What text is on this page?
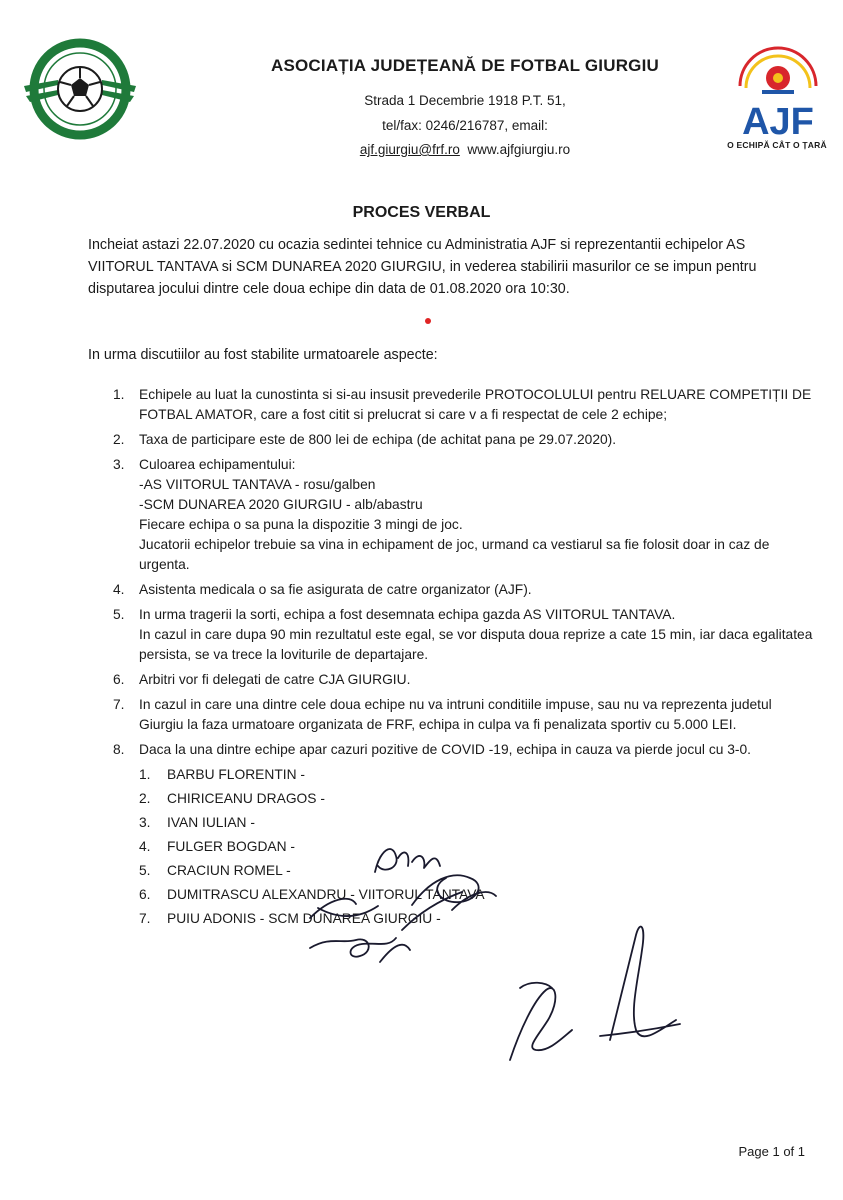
AJF
O ECHIPĂ CÂT O ȚARĂ
ASOCIAȚIA JUDEȚEANĂ DE FOTBAL GIURGIU
Strada 1 Decembrie 1918 P.T. 51,
tel/fax: 0246/216787, email:
ajf.giurgiu@frf.ro www.ajfgiurgiu.ro
PROCES VERBAL
Incheiat astazi 22.07.2020 cu ocazia sedintei tehnice cu Administratia AJF si reprezentantii echipelor AS VIITORUL TANTAVA si SCM DUNAREA 2020 GIURGIU, in vederea stabilirii masurilor ce se impun pentru disputarea jocului dintre cele doua echipe din data de 01.08.2020 ora 10:30.
In urma discutiilor au fost stabilite urmatoarele aspecte:
1. Echipele au luat la cunostinta si si-au insusit prevederile PROTOCOLULUI pentru RELUARE COMPETIȚII DE FOTBAL AMATOR, care a fost citit si prelucrat si care v a fi respectat de cele 2 echipe;
2. Taxa de participare este de 800 lei de echipa (de achitat pana pe 29.07.2020).
3. Culoarea echipamentului:
-AS VIITORUL TANTAVA - rosu/galben
-SCM DUNAREA 2020 GIURGIU - alb/abastru
Fiecare echipa o sa puna la dispozitie 3 mingi de joc.
Jucatorii echipelor trebuie sa vina in echipament de joc, urmand ca vestiarul sa fie folosit doar in caz de urgenta.
4. Asistenta medicala o sa fie asigurata de catre organizator (AJF).
5. In urma tragerii la sorti, echipa a fost desemnata echipa gazda AS VIITORUL TANTAVA.
In cazul in care dupa 90 min rezultatul este egal, se vor disputa doua reprize a cate 15 min, iar daca egalitatea persista, se va trece la loviturile de departajare.
6. Arbitri vor fi delegati de catre CJA GIURGIU.
7. In cazul in care una dintre cele doua echipe nu va intruni conditiile impuse, sau nu va reprezenta judetul Giurgiu la faza urmatoare organizata de FRF, echipa in culpa va fi penalizata sportiv cu 5.000 LEI.
8. Daca la una dintre echipe apar cazuri pozitive de COVID -19, echipa in cauza va pierde jocul cu 3-0.
1. BARBU FLORENTIN -
2. CHIRICEANU DRAGOS -
3. IVAN IULIAN -
4. FULGER BOGDAN -
5. CRACIUN ROMEL -
6. DUMITRASCU ALEXANDRU - VIITORUL TANTAVA
7. PUIU ADONIS - SCM DUNAREA GIURGIU -
Page 1 of 1
